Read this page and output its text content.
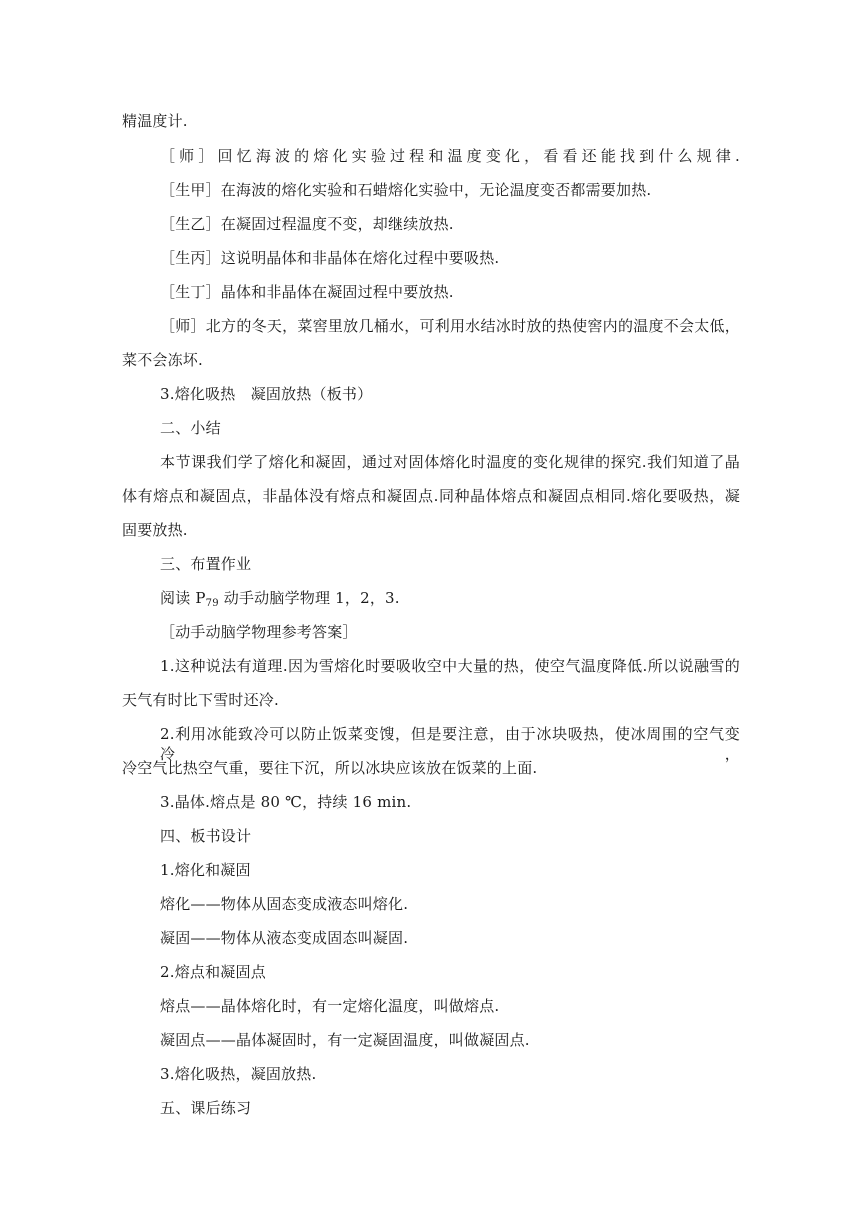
精温度计.
［师］回忆海波的熔化实验过程和温度变化，看看还能找到什么规律.
［生甲］在海波的熔化实验和石蜡熔化实验中，无论温度变否都需要加热.
［生乙］在凝固过程温度不变，却继续放热.
［生丙］这说明晶体和非晶体在熔化过程中要吸热.
［生丁］晶体和非晶体在凝固过程中要放热.
［师］北方的冬天，菜窖里放几桶水，可利用水结冰时放的热使窖内的温度不会太低，
菜不会冻坏.
3.熔化吸热　凝固放热（板书）
二、小结
本节课我们学了熔化和凝固，通过对固体熔化时温度的变化规律的探究.我们知道了晶
体有熔点和凝固点，非晶体没有熔点和凝固点.同种晶体熔点和凝固点相同.熔化要吸热，凝
固要放热.
三、布置作业
阅读 $P_{79}$ 动手动脑学物理 1，2，3.
［动手动脑学物理参考答案］
1.这种说法有道理.因为雪熔化时要吸收空中大量的热，使空气温度降低.所以说融雪的
天气有时比下雪时还冷.
2.利用冰能致冷可以防止饭菜变馊，但是要注意，由于冰块吸热，使冰周围的空气变冷，
冷空气比热空气重，要往下沉，所以冰块应该放在饭菜的上面.
3.晶体.熔点是 80 ℃，持续 16 min.
四、板书设计
1.熔化和凝固
熔化——物体从固态变成液态叫熔化.
凝固——物体从液态变成固态叫凝固.
2.熔点和凝固点
熔点——晶体熔化时，有一定熔化温度，叫做熔点.
凝固点——晶体凝固时，有一定凝固温度，叫做凝固点.
3.熔化吸热，凝固放热.
五、课后练习
